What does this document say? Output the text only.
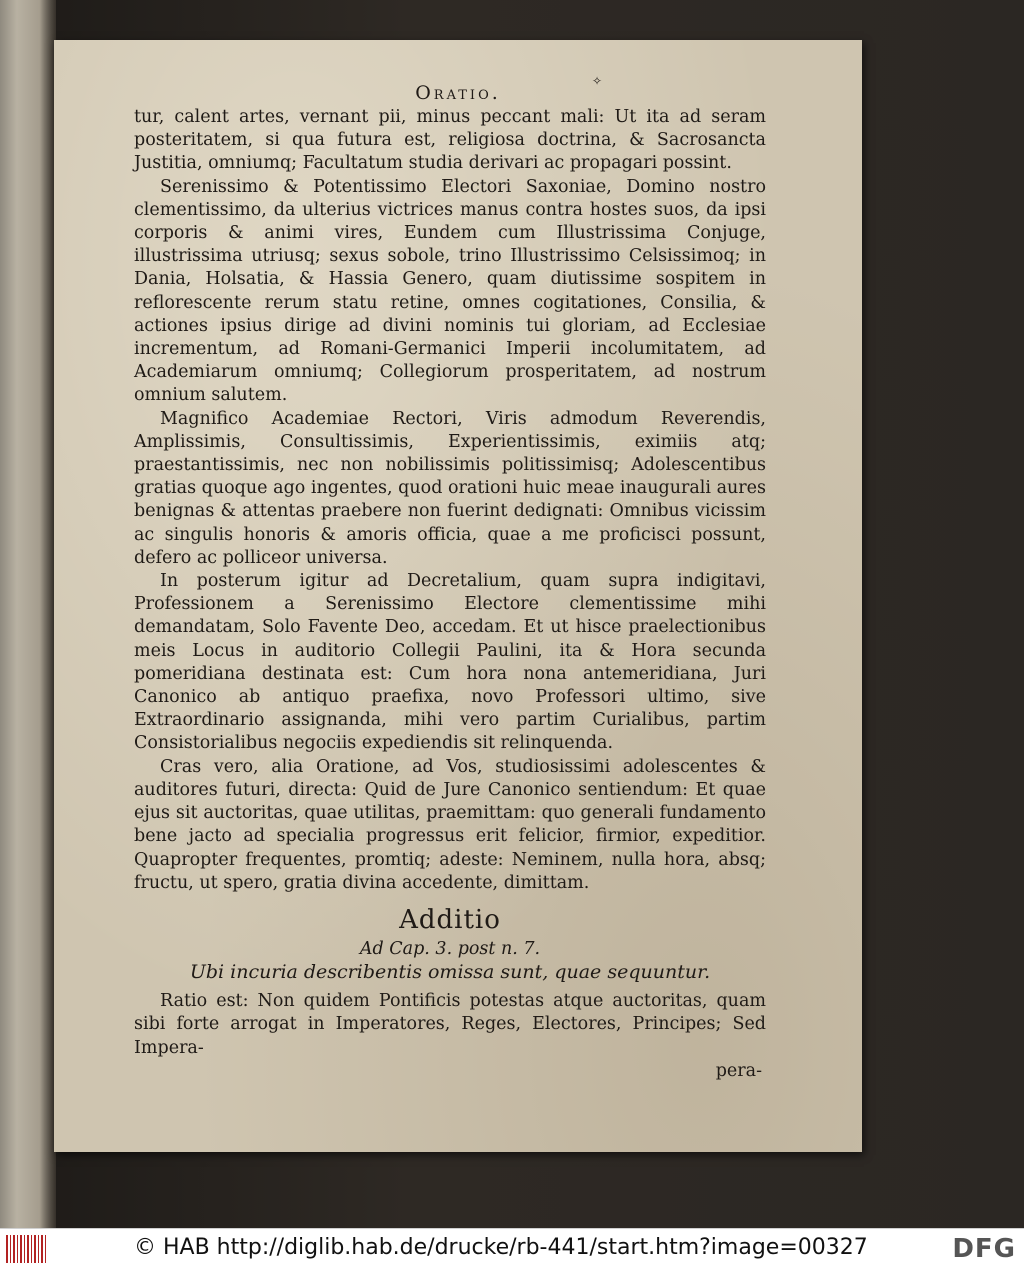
Oratio.
✧

tur, calent artes, vernant pii, minus peccant mali: Ut ita ad seram posteritatem, si qua futura est, religiosa doctrina, & Sacrosancta Justitia, omniumq; Facultatum studia derivari ac propagari possint.

Serenissimo & Potentissimo Electori Saxoniae, Domino nostro clementissimo, da ulterius victrices manus contra hostes suos, da ipsi corporis & animi vires, Eundem cum Illustrissima Conjuge, illustrissima utriusq; sexus sobole, trino Illustrissimo Celsissimoq; in Dania, Holsatia, & Hassia Genero, quam diutissime sospitem in reflorescente rerum statu retine, omnes cogitationes, Consilia, & actiones ipsius dirige ad divini nominis tui gloriam, ad Ecclesiae incrementum, ad Romani-Germanici Imperii incolumitatem, ad Academiarum omniumq; Collegiorum prosperitatem, ad nostrum omnium salutem.

Magnifico Academiae Rectori, Viris admodum Reverendis, Amplissimis, Consultissimis, Experientissimis, eximiis atq; praestantissimis, nec non nobilissimis politissimisq; Adolescentibus gratias quoque ago ingentes, quod orationi huic meae inaugurali aures benignas & attentas praebere non fuerint dedignati: Omnibus vicissim ac singulis honoris & amoris officia, quae a me proficisci possunt, defero ac polliceor universa.

In posterum igitur ad Decretalium, quam supra indigitavi, Professionem a Serenissimo Electore clementissime mihi demandatam, Solo Favente Deo, accedam. Et ut hisce praelectionibus meis Locus in auditorio Collegii Paulini, ita & Hora secunda pomeridiana destinata est: Cum hora nona antemeridiana, Juri Canonico ab antiquo praefixa, novo Professori ultimo, sive Extraordinario assignanda, mihi vero partim Curialibus, partim Consistorialibus negociis expediendis sit relinquenda.

Cras vero, alia Oratione, ad Vos, studiosissimi adolescentes & auditores futuri, directa: Quid de Jure Canonico sentiendum: Et quae ejus sit auctoritas, quae utilitas, praemittam: quo generali fundamento bene jacto ad specialia progressus erit felicior, firmior, expeditior. Quapropter frequentes, promtiq; adeste: Neminem, nulla hora, absq; fructu, ut spero, gratia divina accedente, dimittam.

Additio

Ad Cap. 3. post n. 7.

Ubi incuria describentis omissa sunt, quae sequuntur.

Ratio est: Non quidem Pontificis potestas atque auctoritas, quam sibi forte arrogat in Imperatores, Reges, Electores, Principes; Sed Impera-

pera-

© HAB http://diglib.hab.de/drucke/rb-441/start.htm?image=00327	DFG
